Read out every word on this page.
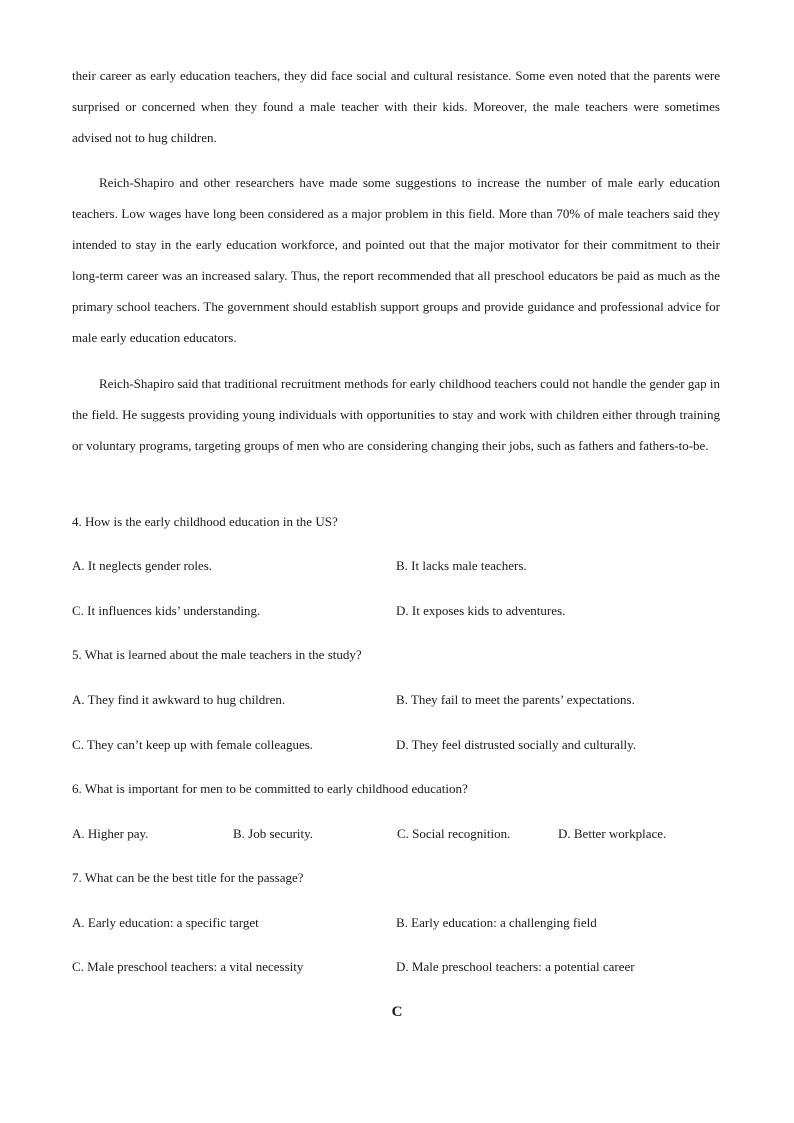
their career as early education teachers, they did face social and cultural resistance. Some even noted that the parents were surprised or concerned when they found a male teacher with their kids. Moreover, the male teachers were sometimes advised not to hug children.

Reich-Shapiro and other researchers have made some suggestions to increase the number of male early education teachers. Low wages have long been considered as a major problem in this field. More than 70% of male teachers said they intended to stay in the early education workforce, and pointed out that the major motivator for their commitment to their long-term career was an increased salary. Thus, the report recommended that all preschool educators be paid as much as the primary school teachers. The government should establish support groups and provide guidance and professional advice for male early education educators.

Reich-Shapiro said that traditional recruitment methods for early childhood teachers could not handle the gender gap in the field. He suggests providing young individuals with opportunities to stay and work with children either through training or voluntary programs, targeting groups of men who are considering changing their jobs, such as fathers and fathers-to-be.

4. How is the early childhood education in the US?

A. It neglects gender roles.	B. It lacks male teachers.
C. It influences kids’ understanding.	D. It exposes kids to adventures.

5. What is learned about the male teachers in the study?

A. They find it awkward to hug children.	B. They fail to meet the parents’ expectations.
C. They can’t keep up with female colleagues.	D. They feel distrusted socially and culturally.

6. What is important for men to be committed to early childhood education?

A. Higher pay.	B. Job security.	C. Social recognition.	D. Better workplace.

7. What can be the best title for the passage?

A. Early education: a specific target	B. Early education: a challenging field
C. Male preschool teachers: a vital necessity	D. Male preschool teachers: a potential career
C
